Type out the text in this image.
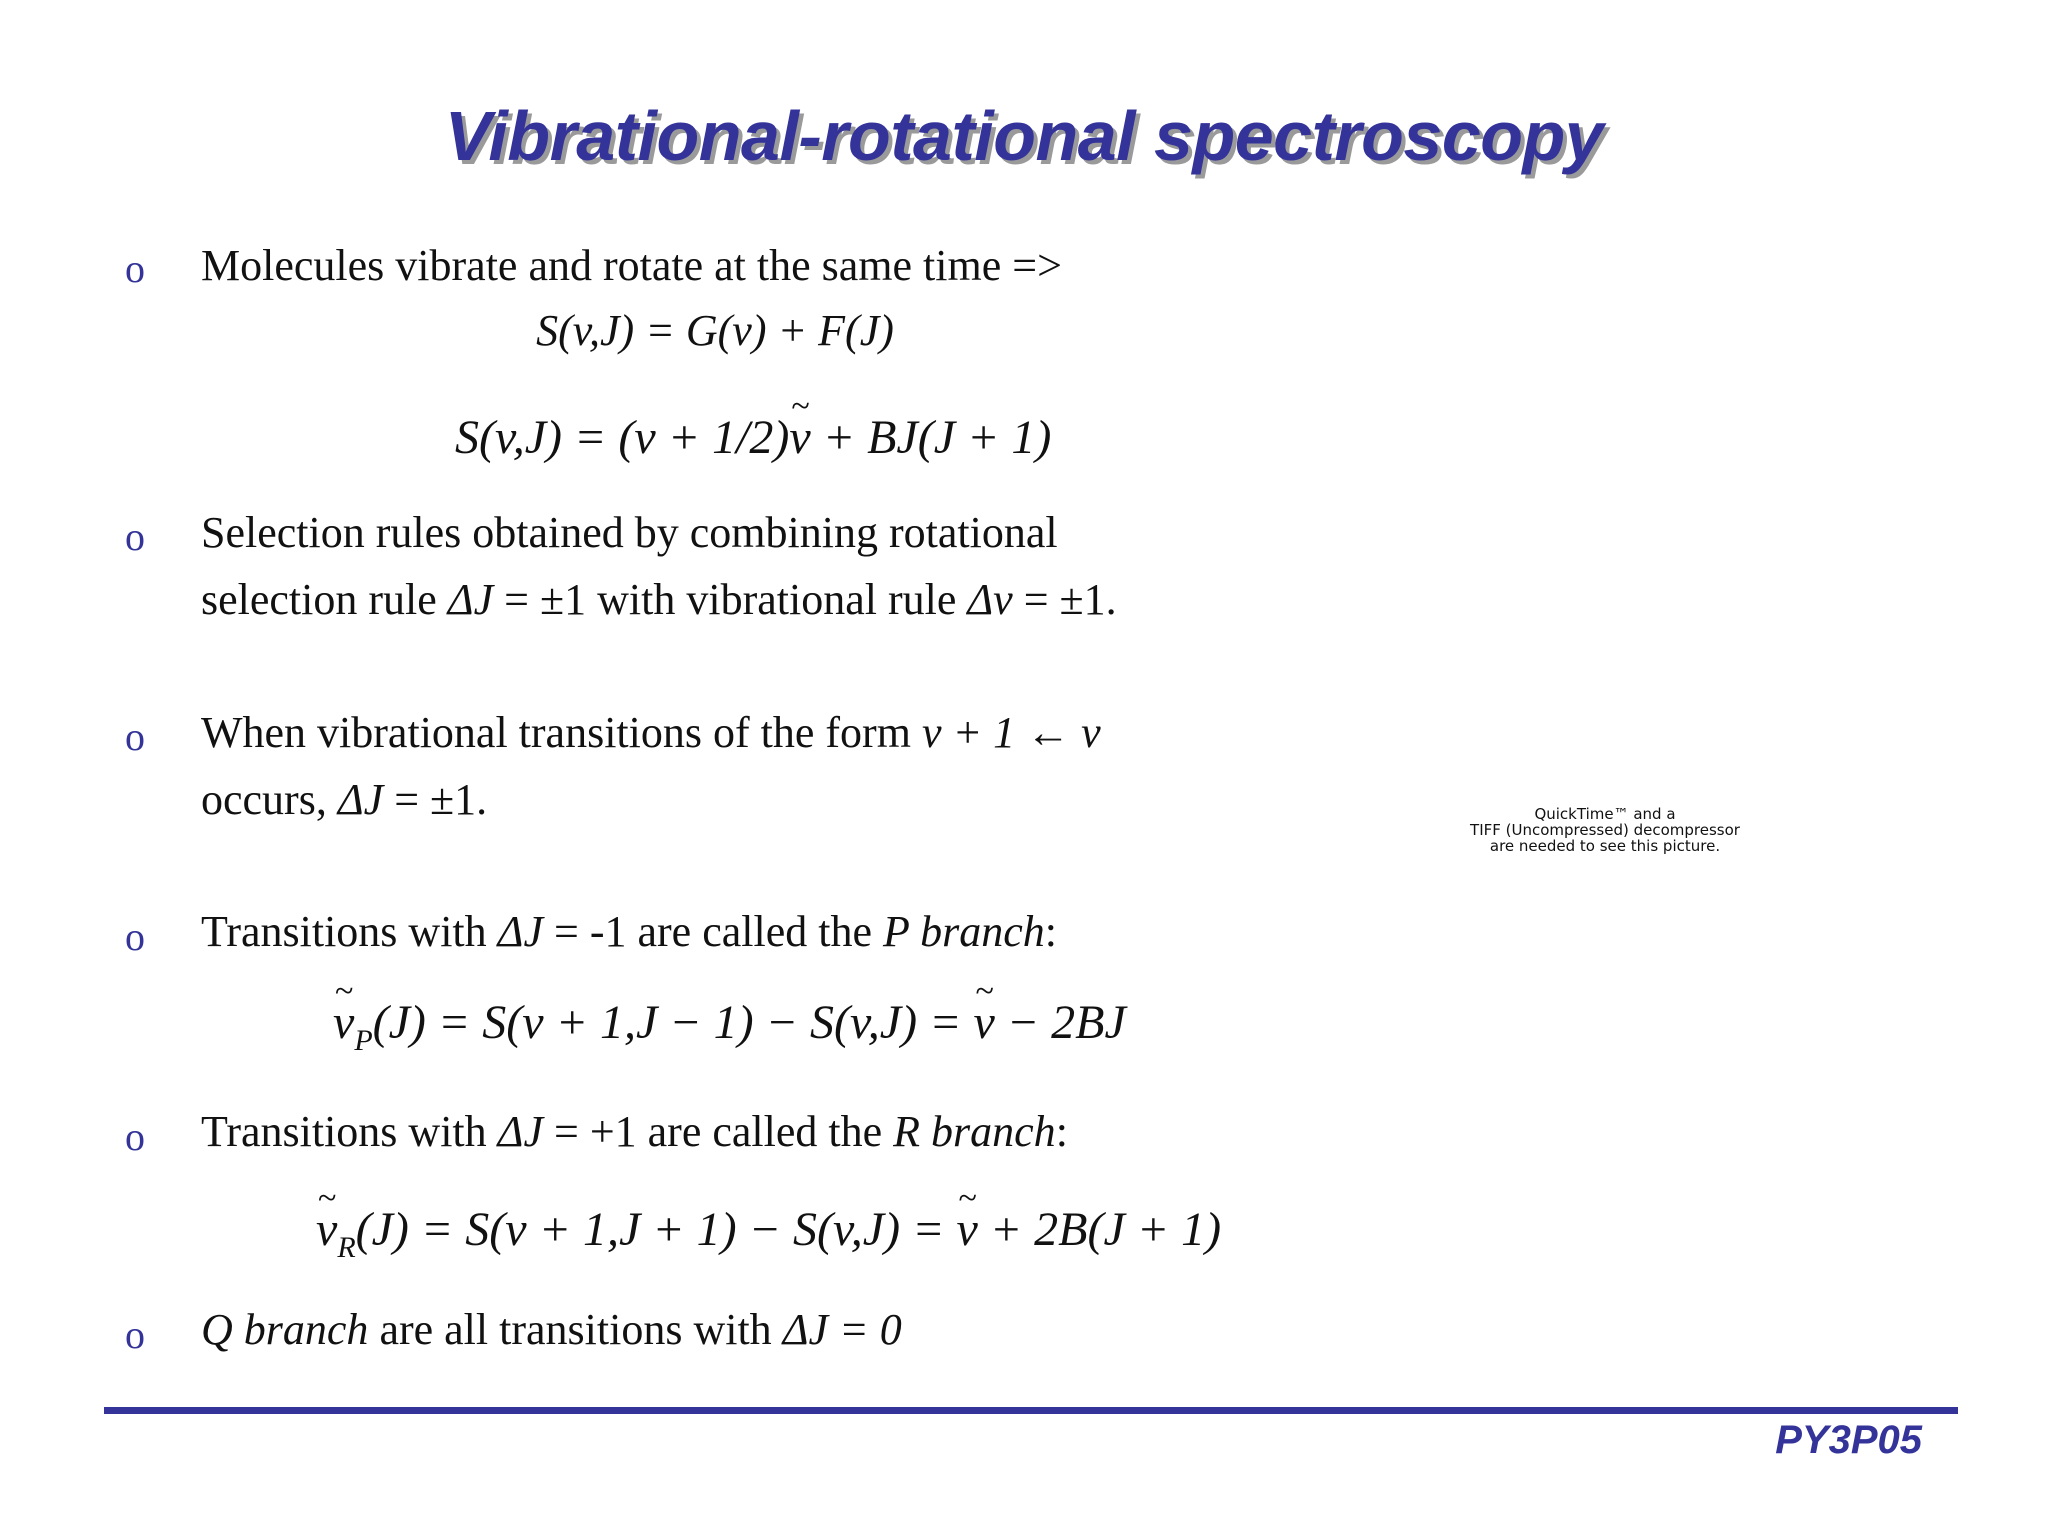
Vibrational-rotational spectroscopy
o Molecules vibrate and rotate at the same time =>
S(v,J) = G(v) + F(J)
S(v,J) = (v + 1/2)~ v + BJ(J + 1)
o Selection rules obtained by combining rotational
selection rule ΔJ = ±1 with vibrational rule Δv = ±1.
o When vibrational transitions of the form v + 1 ← v
occurs, ΔJ = ±1.
o Transitions with ΔJ = -1 are called the P branch:
~ $v_P(J) = S(v + 1,J - 1) - S(v,J)$ = ~ v − 2BJ
o Transitions with ΔJ = +1 are called the R branch:
~ $v_R(J) = S(v + 1,J + 1) - S(v,J)$ = ~ v + 2B(J + 1)
o Q branch are all transitions with ΔJ = 0
QuickTime™ and a
TIFF (Uncompressed) decompressor
are needed to see this picture.
PY3P05
